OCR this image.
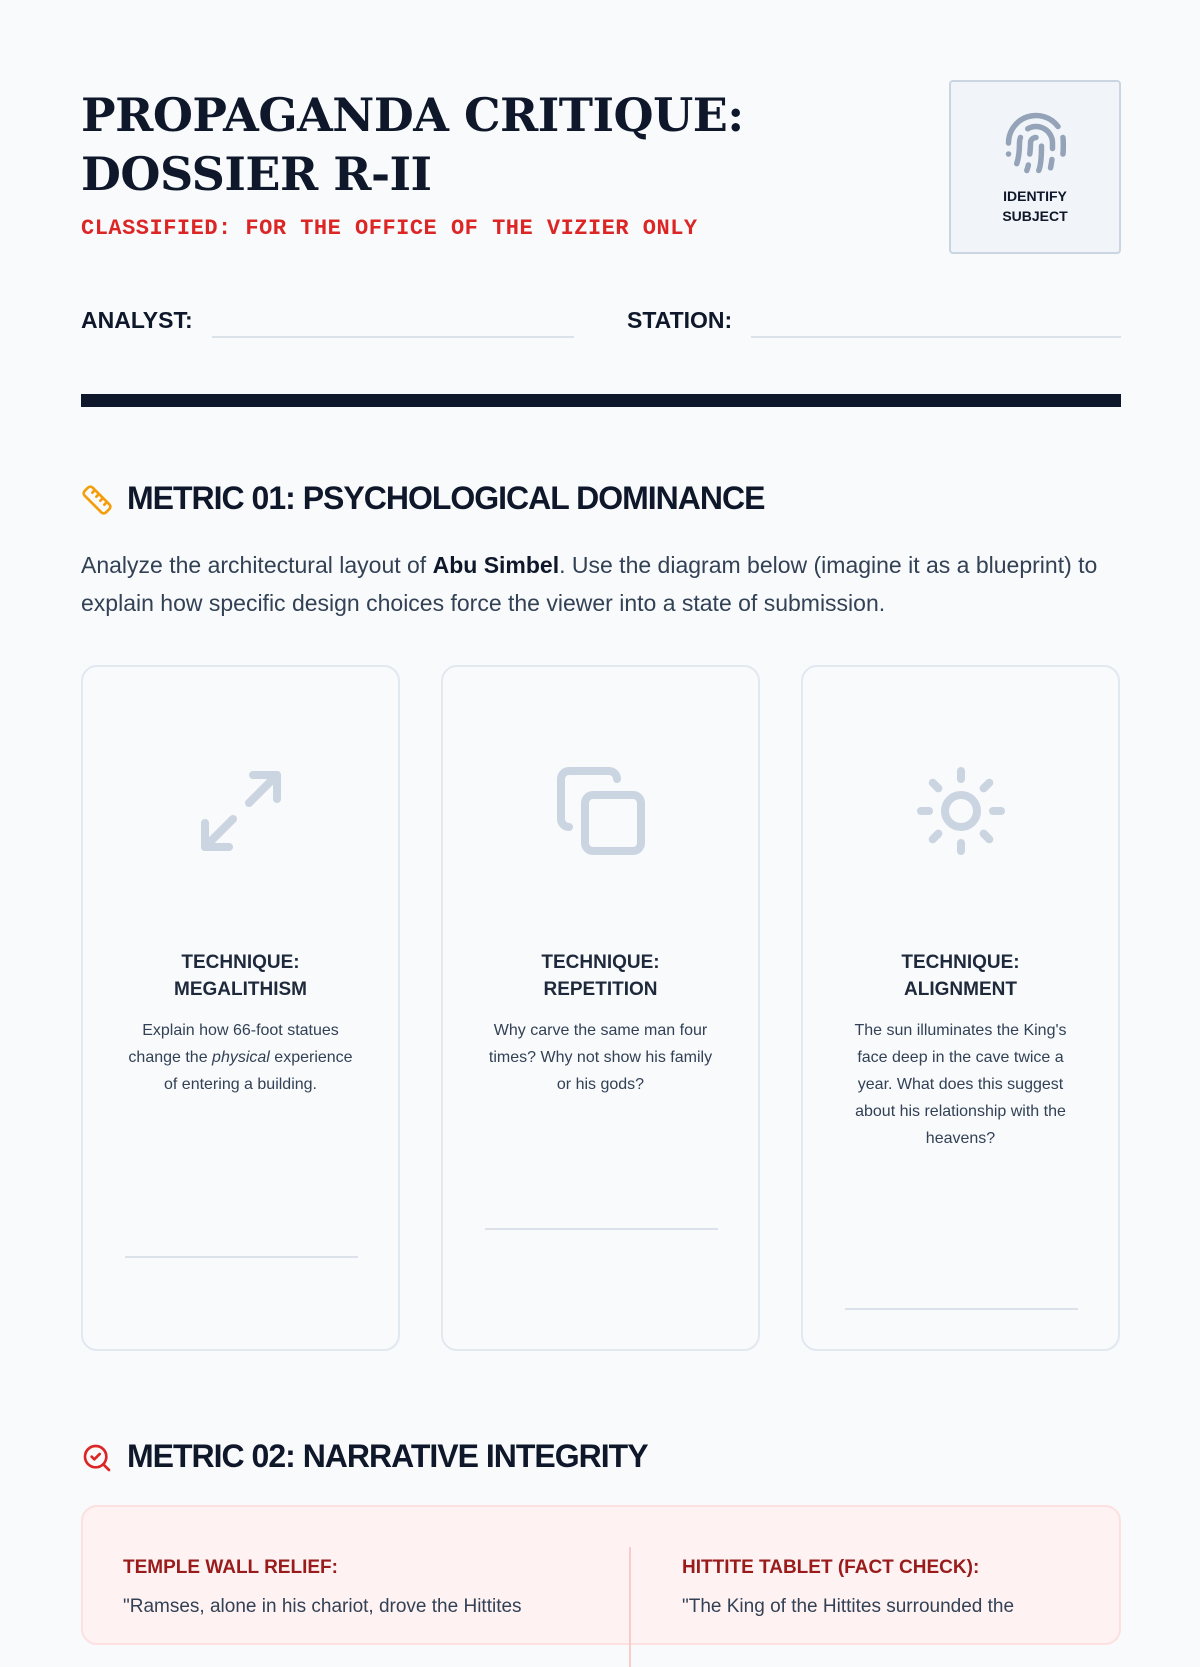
PROPAGANDA CRITIQUE:
DOSSIER R-II
CLASSIFIED: FOR THE OFFICE OF THE VIZIER ONLY
IDENTIFY
SUBJECT
ANALYST:	STATION:
METRIC 01: PSYCHOLOGICAL DOMINANCE

Analyze the architectural layout of Abu Simbel. Use the diagram below (imagine it as a blueprint) to explain how specific design choices force the viewer into a state of submission.

TECHNIQUE:
MEGALITHISM

Explain how 66-foot statues change the physical experience of entering a building.

TECHNIQUE:
REPETITION

Why carve the same man four times? Why not show his family or his gods?

TECHNIQUE:
ALIGNMENT

The sun illuminates the King's face deep in the cave twice a year. What does this suggest about his relationship with the heavens?

METRIC 02: NARRATIVE INTEGRITY
TEMPLE WALL RELIEF:
"Ramses, alone in his chariot, drove the Hittites
HITTITE TABLET (FACT CHECK):
"The King of the Hittites surrounded the
